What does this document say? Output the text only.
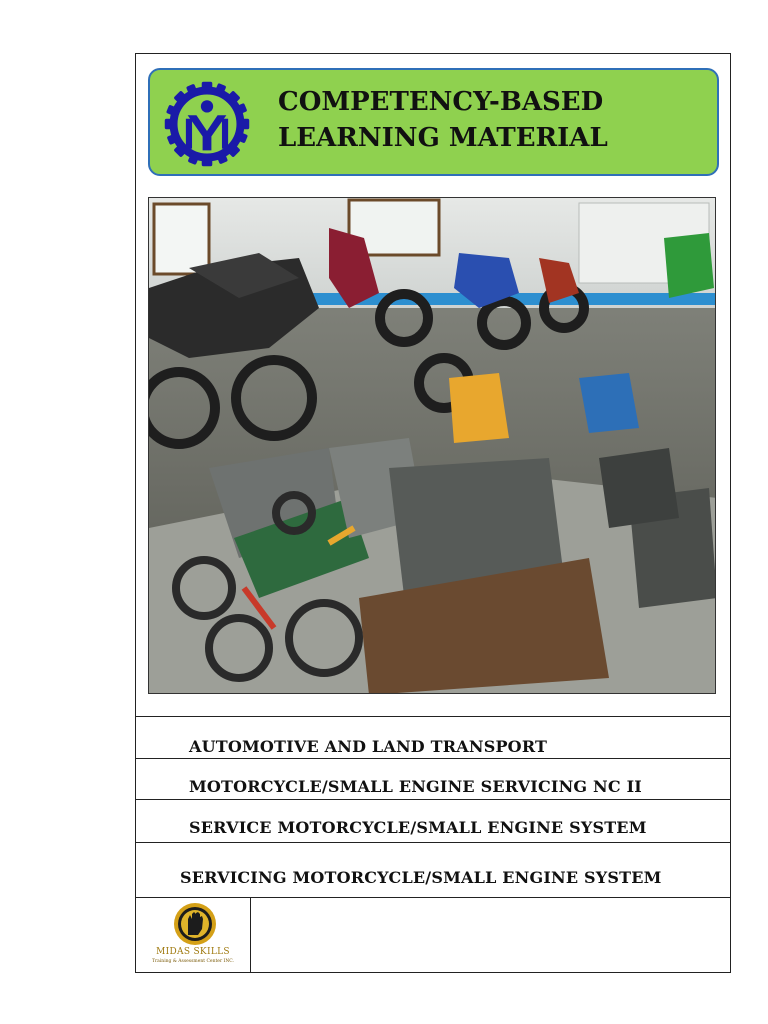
COMPETENCY-BASED
LEARNING MATERIAL
AUTOMOTIVE AND LAND TRANSPORT
MOTORCYCLE/SMALL ENGINE SERVICING NC II
SERVICE MOTORCYCLE/SMALL ENGINE SYSTEM
SERVICING MOTORCYCLE/SMALL ENGINE SYSTEM
MIDAS SKILLS
Training & Assessment Center INC.
